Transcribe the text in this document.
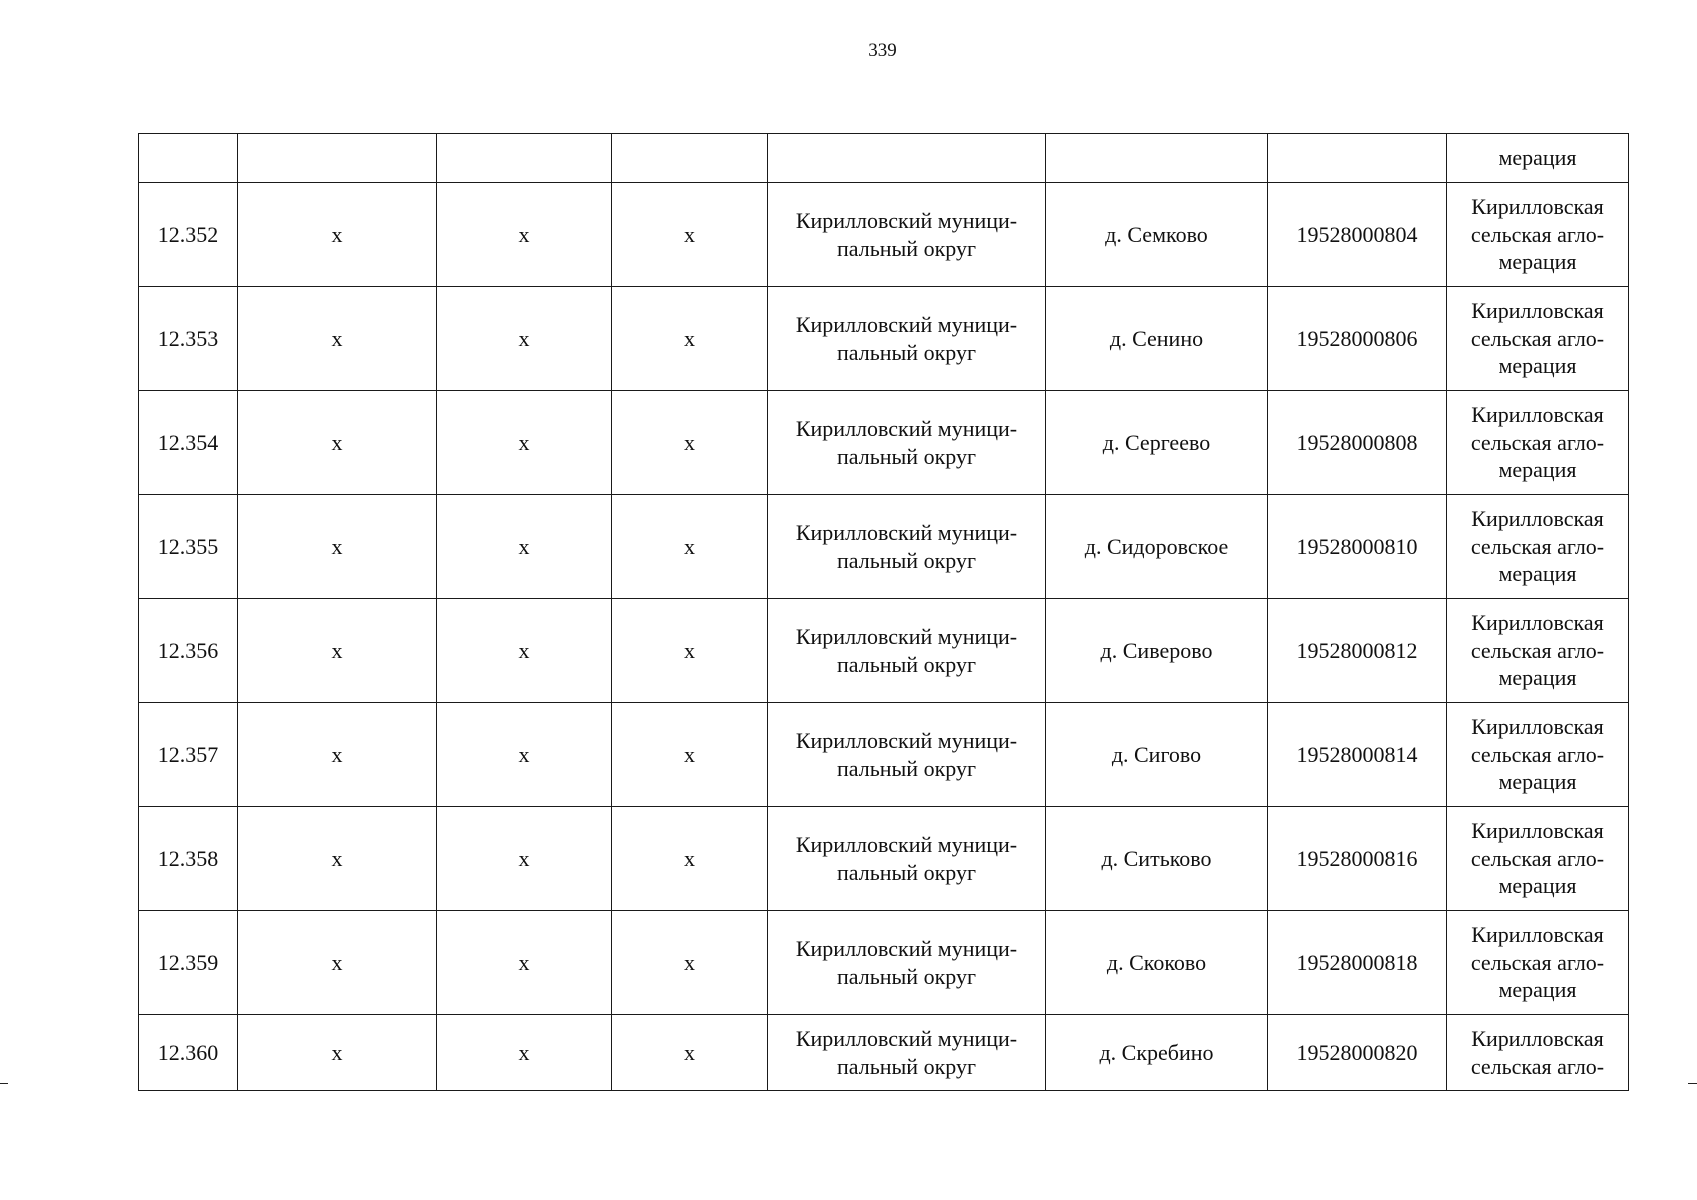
339
							мерация
12.352	x	x	x	Кирилловский муници-пальный округ	д. Семково	19528000804	Кирилловская сельская агло-мерация
12.353	x	x	x	Кирилловский муници-пальный округ	д. Сенино	19528000806	Кирилловская сельская агло-мерация
12.354	x	x	x	Кирилловский муници-пальный округ	д. Сергеево	19528000808	Кирилловская сельская агло-мерация
12.355	x	x	x	Кирилловский муници-пальный округ	д. Сидоровское	19528000810	Кирилловская сельская агло-мерация
12.356	x	x	x	Кирилловский муници-пальный округ	д. Сиверово	19528000812	Кирилловская сельская агло-мерация
12.357	x	x	x	Кирилловский муници-пальный округ	д. Сигово	19528000814	Кирилловская сельская агло-мерация
12.358	x	x	x	Кирилловский муници-пальный округ	д. Ситьково	19528000816	Кирилловская сельская агло-мерация
12.359	x	x	x	Кирилловский муници-пальный округ	д. Скоково	19528000818	Кирилловская сельская агло-мерация
12.360	x	x	x	Кирилловский муници-пальный округ	д. Скребино	19528000820	Кирилловская сельская агло-
